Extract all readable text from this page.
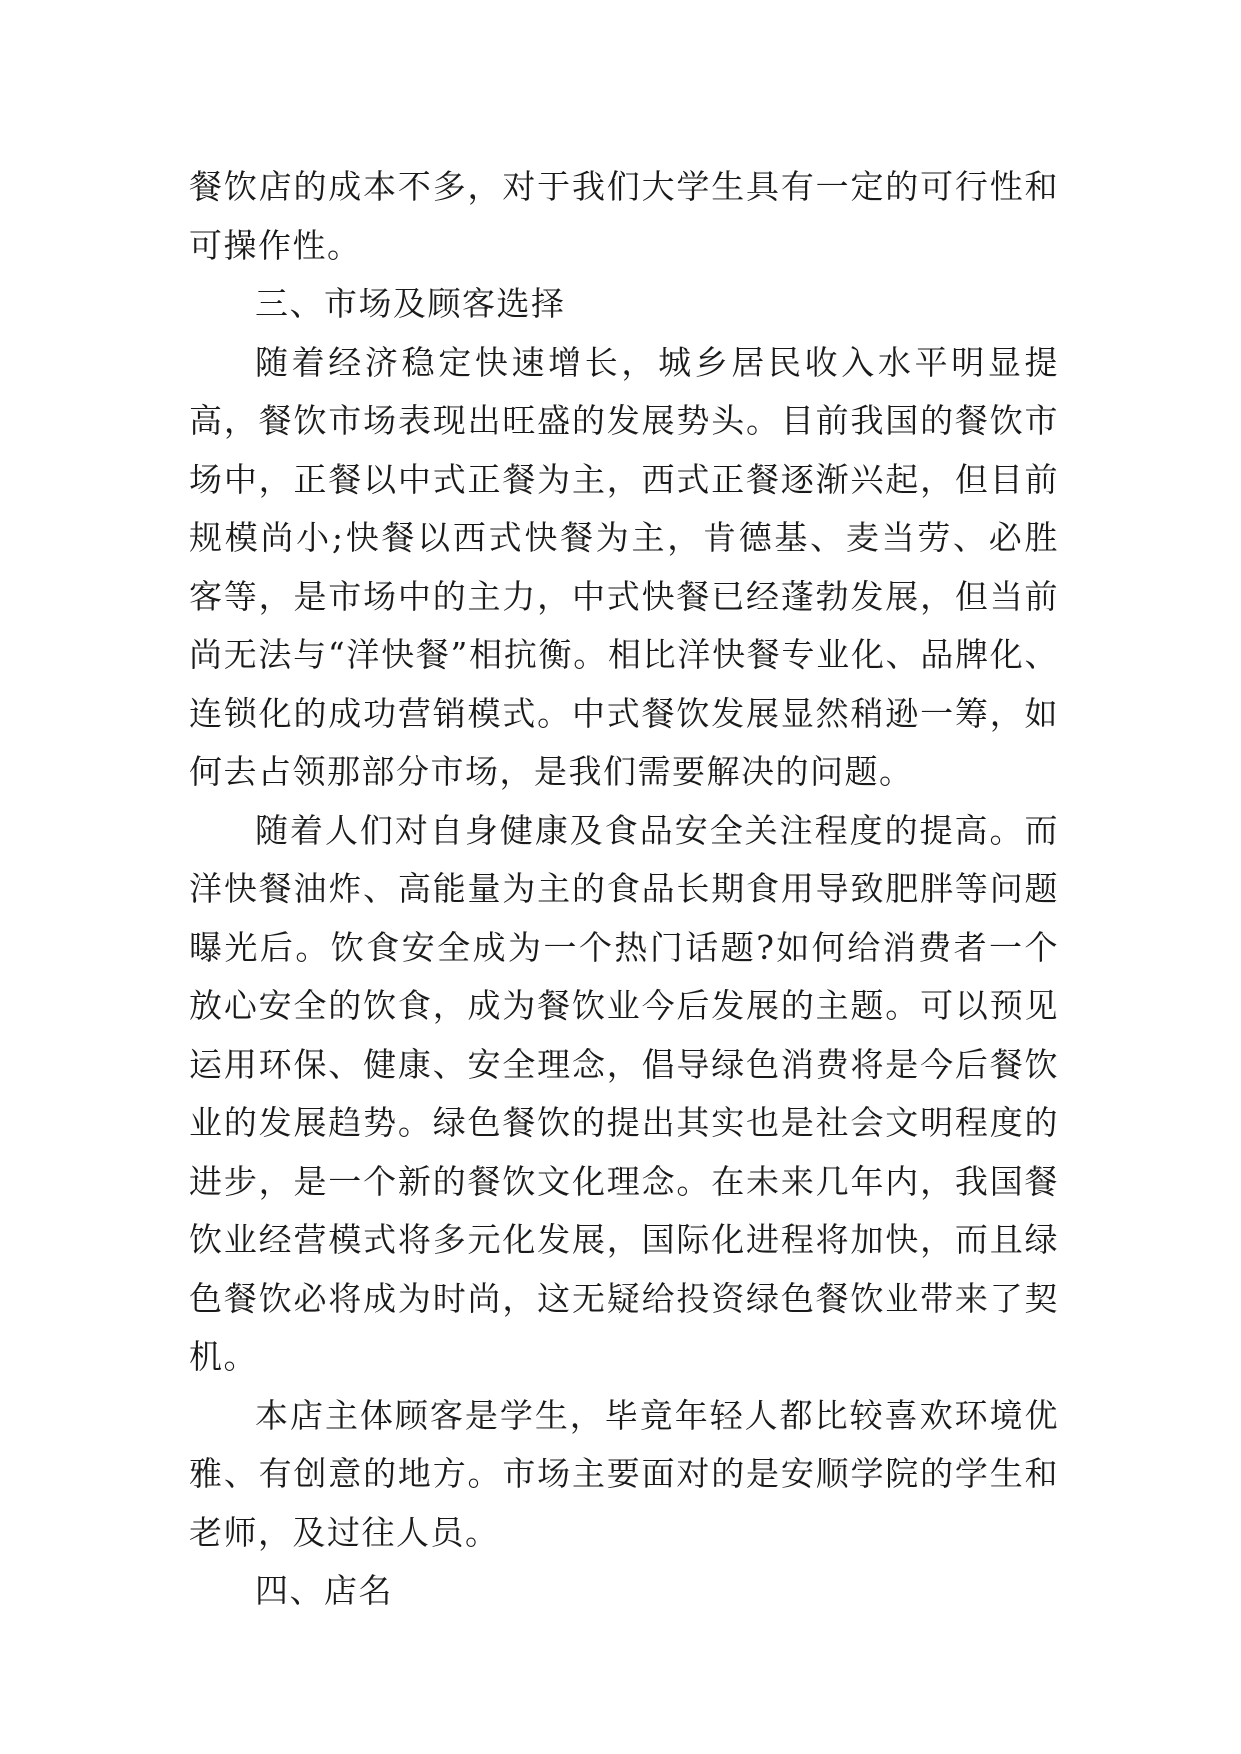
餐饮店的成本不多，对于我们大学生具有一定的可行性和可操作性。

三、市场及顾客选择

随着经济稳定快速增长，城乡居民收入水平明显提高，餐饮市场表现出旺盛的发展势头。目前我国的餐饮市场中，正餐以中式正餐为主，西式正餐逐渐兴起，但目前规模尚小;快餐以西式快餐为主，肯德基、麦当劳、必胜客等，是市场中的主力，中式快餐已经蓬勃发展，但当前尚无法与“洋快餐”相抗衡。相比洋快餐专业化、品牌化、连锁化的成功营销模式。中式餐饮发展显然稍逊一筹，如何去占领那部分市场，是我们需要解决的问题。

随着人们对自身健康及食品安全关注程度的提高。而洋快餐油炸、高能量为主的食品长期食用导致肥胖等问题曝光后。饮食安全成为一个热门话题?如何给消费者一个放心安全的饮食，成为餐饮业今后发展的主题。可以预见运用环保、健康、安全理念，倡导绿色消费将是今后餐饮业的发展趋势。绿色餐饮的提出其实也是社会文明程度的进步，是一个新的餐饮文化理念。在未来几年内，我国餐饮业经营模式将多元化发展，国际化进程将加快，而且绿色餐饮必将成为时尚，这无疑给投资绿色餐饮业带来了契机。

本店主体顾客是学生，毕竟年轻人都比较喜欢环境优雅、有创意的地方。市场主要面对的是安顺学院的学生和老师，及过往人员。

四、店名
